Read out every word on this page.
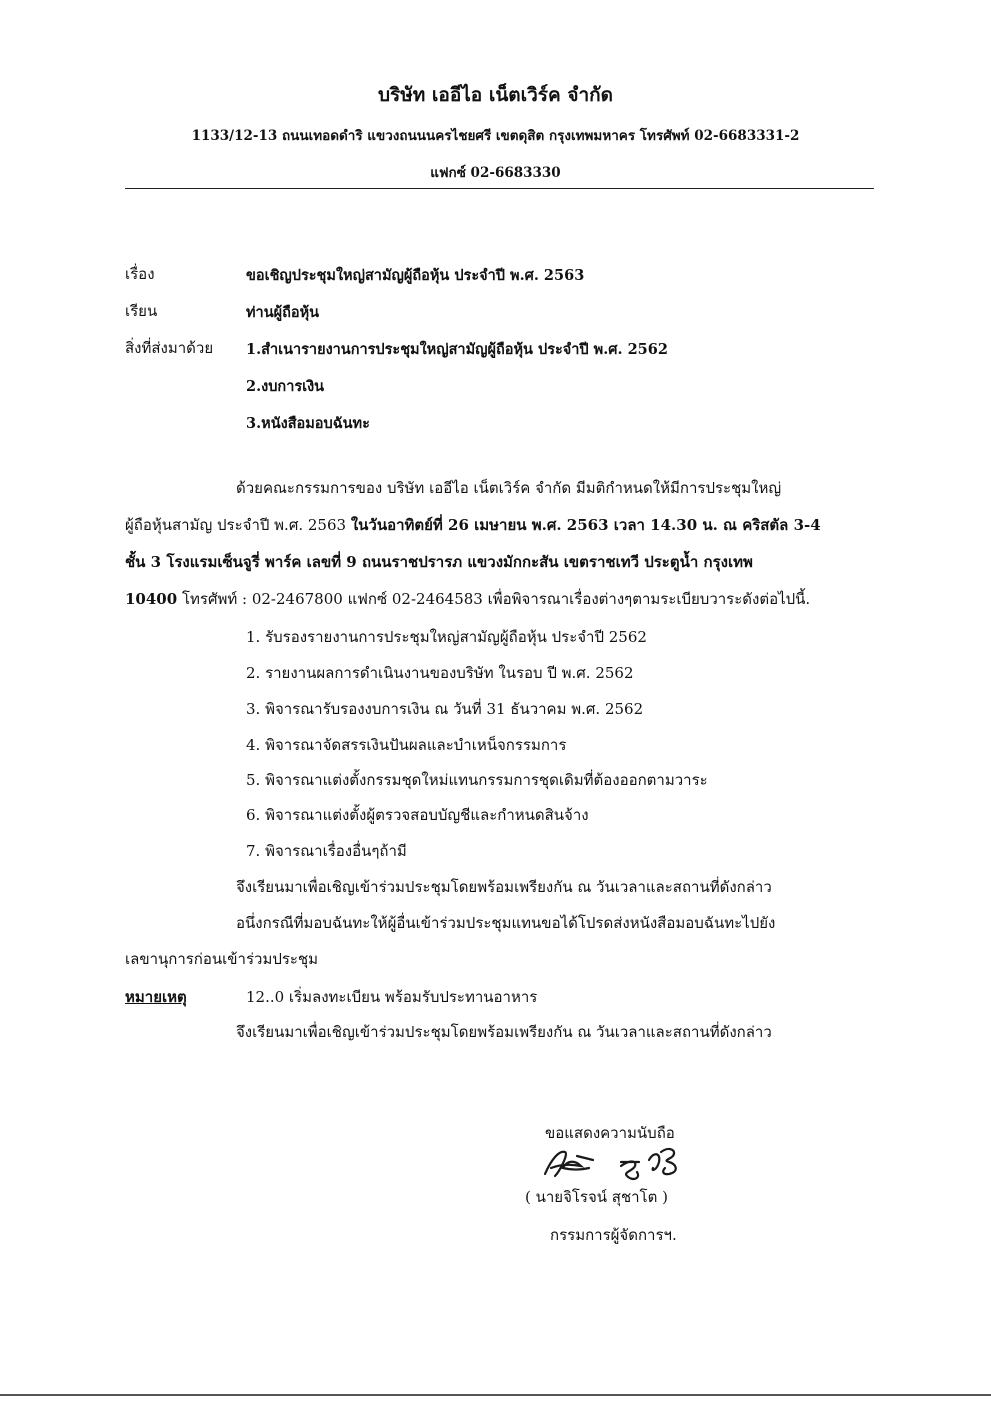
บริษัท เออีไอ เน็ตเวิร์ค จำกัด
1133/12-13 ถนนเทอดดำริ แขวงถนนนครไชยศรี เขตดุสิต กรุงเทพมหาคร โทรศัพท์ 02-6683331-2
แฟกซ์ 02-6683330
เรื่อง	ขอเชิญประชุมใหญ่สามัญผู้ถือหุ้น ประจำปี พ.ศ. 2563
เรียน	ท่านผู้ถือหุ้น
สิ่งที่ส่งมาด้วย 1.สำเนารายงานการประชุมใหญ่สามัญผู้ถือหุ้น ประจำปี พ.ศ. 2562
2.งบการเงิน
3.หนังสือมอบฉันทะ
ด้วยคณะกรรมการของ บริษัท เออีไอ เน็ตเวิร์ค จำกัด มีมติกำหนดให้มีการประชุมใหญ่
ผู้ถือหุ้นสามัญ ประจำปี พ.ศ. 2563 ในวันอาทิตย์ที่ 26 เมษายน พ.ศ. 2563 เวลา 14.30 น. ณ คริสตัล 3-4
ชั้น 3 โรงแรมเซ็นจูรี่ พาร์ค เลขที่ 9 ถนนราชปรารภ แขวงมักกะสัน เขตราชเทวี ประตูน้ำ กรุงเทพ
10400 โทรศัพท์ : 02-2467800 แฟกซ์ 02-2464583 เพื่อพิจารณาเรื่องต่างๆตามระเบียบวาระดังต่อไปนี้.
1. รับรองรายงานการประชุมใหญ่สามัญผู้ถือหุ้น ประจำปี 2562
2. รายงานผลการดำเนินงานของบริษัท ในรอบ ปี พ.ศ. 2562
3. พิจารณารับรองงบการเงิน ณ วันที่ 31 ธันวาคม พ.ศ. 2562
4. พิจารณาจัดสรรเงินปันผลและบำเหน็จกรรมการ
5. พิจารณาแต่งตั้งกรรมชุดใหม่แทนกรรมการชุดเดิมที่ต้องออกตามวาระ
6. พิจารณาแต่งตั้งผู้ตรวจสอบบัญชีและกำหนดสินจ้าง
7. พิจารณาเรื่องอื่นๆถ้ามี
จึงเรียนมาเพื่อเชิญเข้าร่วมประชุมโดยพร้อมเพรียงกัน ณ วันเวลาและสถานที่ดังกล่าว
อนึ่งกรณีที่มอบฉันทะให้ผู้อื่นเข้าร่วมประชุมแทนขอได้โปรดส่งหนังสือมอบฉันทะไปยัง
เลขานุการก่อนเข้าร่วมประชุม
หมายเหตุ	12..0 เริ่มลงทะเบียน พร้อมรับประทานอาหาร
จึงเรียนมาเพื่อเชิญเข้าร่วมประชุมโดยพร้อมเพรียงกัน ณ วันเวลาและสถานที่ดังกล่าว
ขอแสดงความนับถือ
( นายจิโรจน์ สุชาโต )
กรรมการผู้จัดการฯ.
